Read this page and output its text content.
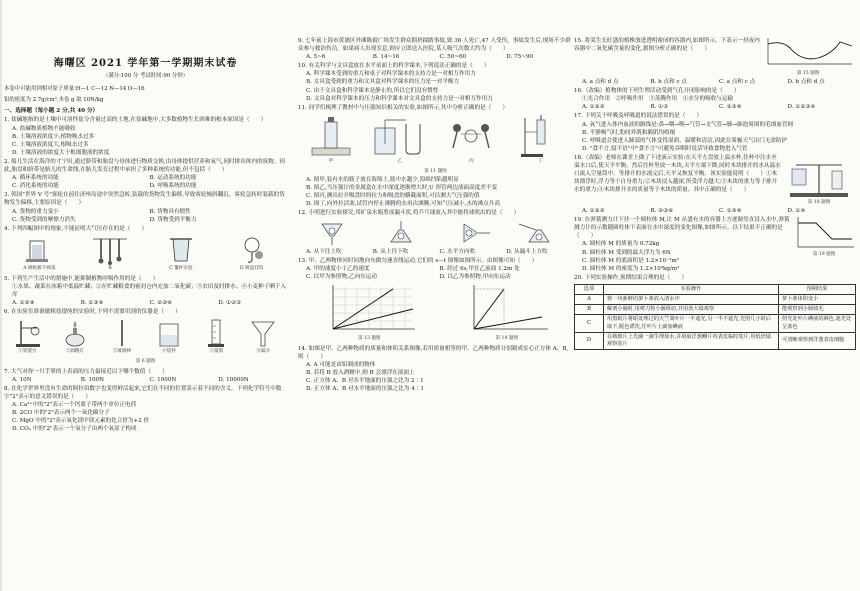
海曙区 2021 学年第一学期期末试卷
（满分:100 分 考试时间:90 分钟）
本卷中可能用到相对原子质量:H—1 C—12 N—14 O—16
铝的密度为 2.7g/cm³,本卷 g 取 10N/kg
一、选择题（每小题 2 分,共 40 分）
1. 盐碱地指的是土壤中可溶性盐分含量过高的土地,在盐碱地中,大多数植物生长困难的根本原因是（　　）
A. 盐碱物质植物不能吸收
B. 土壤溶液浓度小,植物吸水过多
C. 土壤溶液浓度大,根吸水过多
D. 土壤溶液的浓度大于根细胞液的浓度
2. 船儿生活在海洋的寸宁田,通过脐带和胎盘与母体进行物质交换,由母体提供营养和氧气,同时排出体内的废物。因此,胎盘和脐带是胎儿的生命线,在胎儿发育过程中承担了多种系统的功能,但不包括（　　）
A. 循环系统的功能	B. 运动系统的功能
C. 消化系统的功能	D. 呼吸系统的功能
3. 韩国"世界 V 号"客轮在前往济州岛途中突然急转,装载的货物发生偏移,导致客轮倾斜翻沉。客轮急转时装载的货物发生偏移,主要原因是（　　）
A. 货物的重力变小	B. 货物具有惯性
C. 货物受到的摩擦力消失	D. 货物受到平衡力
4. 下列四幅图中的现象,不能证明大气压存在的是（　　）
A 硬纸板不掉落	B	C 覆杯实验	D 吸盘挂钩
5. 下列生产生活中的措施中,能抑制植物呼吸作用的是（　　）
①水果、蔬菜在冰箱中低温贮藏；②在贮藏粮食的密封仓内充加二氧化碳；③农田及时排水；④小麦种子晒干入库
A. ①②④	B. ①③④	C. ②③④	D. ①②③
6. 在实验室准备做粗盐提纯的实验时,下列不需要用到的仪器是（　　）
①铁架台	②酒精灯	③玻璃棒	④烧杯	⑤量筒	⑥漏斗
第 6 题图
7. 大气对你一只手掌的上表面的压力最接近以下哪个数值（　　）
A. 10N	B. 100N	C. 1000N	D. 10000N
8. 在化学世界里没有生命的阿拉伯数字也变得鲜活起来,它们在不同的位置表示着不同的含义。下列化学符号中数字"2"表示的意义错误的是（　　）
A. Ca²⁺中的"2"表示一个钙离子带两个单位正电荷
B. 2CO 中的"2"表示两个一氧化碳分子
C. MgO 中的"2"表示氧化镁中镁元素的化合价为+2 价
D. CO₂ 中的"2"表示一个氧分子由两个氧原子构成
9. 七年前上海市黄浦区外滩陈毅广场发生群众拥挤踩踏事故,致 36 人死亡,47 人受伤。事故发生后,现场不少群众参与救治伤员。如果病人出现室息,则应立即送入医院,某人吸气次数大约为（　　）
A. 5~6	B. 14~16	C. 50~60	D. 75~90
10. 有关科学与文具盒放在水平桌面上的科学课本,下列说法正确的是（　　）
A. 科学课本受到的重力和桌子对科学课本的支持力是一对相互作用力
B. 文具盒受到的重力和文具盒对科学课本的压力是一对平衡力
C. 由于文具盒和科学课本是静止的,所以它们没有惯性
D. 文具盒对科学课本的压力和科学课本对文具盒的支持力是一对相互作用力
11. 同学们梳理了教材中与压强知识相关的实验,如图所示,其中分析正确的是（　　）
甲	乙	丙	丁
第 11 题图
A. 图甲,装有水的瓶子放在海绵上,瓶中水越少,海绵凹陷越明显
B. 图乙,当压强计的金属盒在水中深度逐渐增大时,U 形管两边液面高度差不变
C. 图丙,测出拉开吸盘时的拉力和吸盘的横截面积,可估测大气压强的值
D. 图丁,向外拉活塞,试管内停止沸腾的水再次沸腾,可知气压减小,水的沸点升高
12. 小明进行实验探究,用矿泉水瓶剪成漏斗状,将乒乓球放入其中能将球吹出的是（　　）
A. 从下往上吹	B. 从上往下吹	C. 水平方向吹	D. 从漏斗上方吹
13. 甲、乙两物体同时同地向东做匀速直线运动,它们的 s—t 图像如图所示。由图像可知（　　）
A. 甲的速度小于乙的速度	B. 经过 6s,甲在乙前面 1.2m 处
C. 以甲为参照物,乙向东运动	D. 以乙为参照物,甲向东运动
第 13 题图	第 14 题图
14. 如图是甲、乙两种物质的质量和体积关系图像,若用质量相等的甲、乙两种物质分别制成实心正方体 A、B,则（　　）
A. A 可能是由铝制成的物体
B. 若将 B 放入酒精中,则 B 会漂浮在液面上
C. 正方体 A、B 对水平地面的压强之比为 2∶1
D. 正方体 A、B 对水平地面的压强之比为 4∶1
15. 将某生长旺盛的植株放进透明密闭的容器内,如图所示。下表示一昼夜内容器中二氧化碳含量的变化,据图分析正确的是（　　）
第 15 题图
A. a 点和 d 点	B. b 点和 c 点	C. a 点和 c 点	D. b 点和 d 点
16.（改编）植物体的下列生理活动受到气孔开闭影响的是（　　）
①光合作用　②呼吸作用　③蒸腾作用　④水分的吸收与运输
A. ①②③	B. ①③	C. ②③④	D. ①②③④
17. 下列关于呼吸及呼吸道的说法错误的是（　　）
A. 氧气进入体内血液的路线是:鼻→咽→喉→气管→支气管→肺→肺泡周围的毛细血管网
B. 平静吸气时,肋间外肌和膈肌均收缩
C. 呼吸道会使进入肺部的气体变得湿润、温暖和清洁,因此在雾霾天气出门无需防护
D. "食不言,寝不语"中"食不言"可避免吞咽时说话导致食物进入气管
18.（改编）老师在课堂上做了下述演示实验:在天平左盘放上溢水杯,往杯中注水至溢水口后,使天平平衡。然后往杯里放一木块,天平左端下降,同时木块排开的水从溢水口流入空量筒中。等排开的水流完后,天平又恢复平衡。该实验能说明（　　）①木块漂浮时,浮力等于自身重力;②木块浸入越深,所受浮力越大;③木块的重力等于排开水的重力;④木块排开水的质量等于木块的质量。其中正确的是（　　）
第 18 题图
A. ①②③	B. ②③④	C. ①③④	D. ①④
19. 在弹簧测力计下挂一个圆柱体 M,让 M 从盛有水的容器上方逐渐竖直浸入水中,弹簧测力计的示数随圆柱体下表面在水中深度的变化图像,如图所示。以下结果不正确的是（　　）
A. 圆柱体 M 的质量为 0.72kg
B. 圆柱体 M 受到的最大浮力为 6N
C. 圆柱体 M 的底面积是 1.2×10⁻²m²
D. 圆柱体 M 的密度为 1.2×10³kg/m³
第 19 题图
20. 下列实验操作,预期结果合理的是（　　）
选项	实验操作	预期结果
A	将一块新鲜的萝卜条放入清水中	萝卜条体积变小
B	解剖小肠时,用剪刀将小肠纵切,并用放大镜观察	能观察到小肠绒毛
C	用黑纸片将暗处理过的天竺葵叶片一半遮光,另一半不遮光,光照几小时后取下,脱色漂洗,往叶片上滴加碘液	照光处叶片碘液的颜色,遮光处呈蓝色
D	在载玻片上先滴一滴生理盐水,并刮取洋葱鳞片内表皮临时装片,用低倍镜观察装片	可清晰观察到洋葱表皮细胞
